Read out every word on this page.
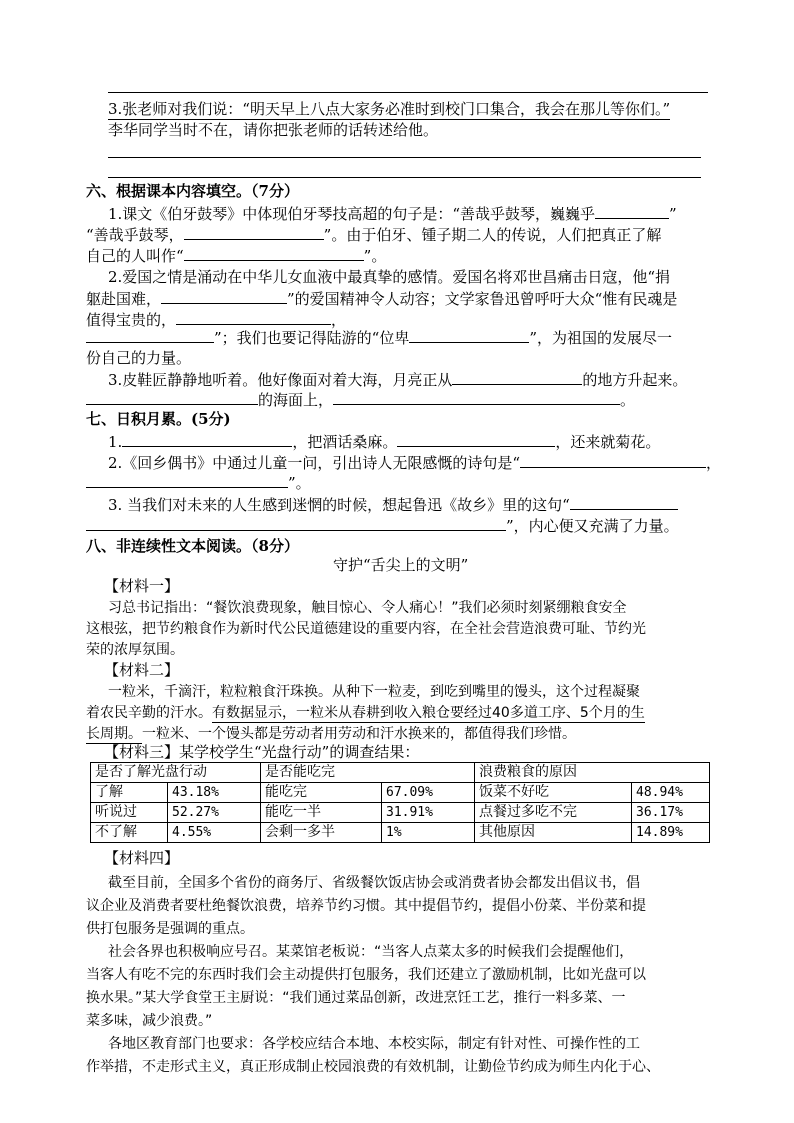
3.张老师对我们说：“明天早上八点大家务必准时到校门口集合，我会在那儿等你们。”
李华同学当时不在，请你把张老师的话转述给他。
六、根据课本内容填空。（7分）
1.课文《伯牙鼓琴》中体现伯牙琴技高超的句子是：“善哉乎鼓琴，巍巍乎	”
“善哉乎鼓琴，	”。由于伯牙、锺子期二人的传说，人们把真正了解
自己的人叫作“	”。
2.爱国之情是涌动在中华儿女血液中最真挚的感情。爱国名将邓世昌痛击日寇，他“捐
躯赴国难，	”的爱国精神令人动容；文学家鲁迅曾呼吁大众“惟有民魂是
值得宝贵的，	，
”；我们也要记得陆游的“位卑	”，为祖国的发展尽一
份自己的力量。
3.皮鞋匠静静地听着。他好像面对着大海，月亮正从	的地方升起来。
的海面上，	。
七、日积月累。(5分)
1.	，把酒话桑麻。	，还来就菊花。
2.《回乡偶书》中通过儿童一问，引出诗人无限感慨的诗句是“	，
”。
3. 当我们对未来的人生感到迷惘的时候，想起鲁迅《故乡》里的这句“
”，内心便又充满了力量。
八、非连续性文本阅读。（8分）
守护“舌尖上的文明”
【材料一】
习总书记指出：“餐饮浪费现象，触目惊心、令人痛心！”我们必须时刻紧绷粮食安全
这根弦，把节约粮食作为新时代公民道德建设的重要内容，在全社会营造浪费可耻、节约光
荣的浓厚氛围。
【材料二】
一粒米，千滴汗，粒粒粮食汗珠换。从种下一粒麦，到吃到嘴里的馒头，这个过程凝聚
着农民辛勤的汗水。有数据显示，一粒米从春耕到收入粮仓要经过40多道工序、5个月的生
长周期。一粒米、一个馒头都是劳动者用劳动和汗水换来的，都值得我们珍惜。
【材料三】某学校学生“光盘行动”的调查结果：
是否了解光盘行动		是否能吃完		浪费粮食的原因	
了解	43.18%	能吃完	67.09%	饭菜不好吃	48.94%
听说过	52.27%	能吃一半	31.91%	点餐过多吃不完	36.17%
不了解	4.55%	会剩一多半	1%	其他原因	14.89%
【材料四】
截至目前，全国多个省份的商务厅、省级餐饮饭店协会或消费者协会都发出倡议书，倡
议企业及消费者要杜绝餐饮浪费，培养节约习惯。其中提倡节约，提倡小份菜、半份菜和提
供打包服务是强调的重点。
社会各界也积极响应号召。某菜馆老板说：“当客人点菜太多的时候我们会提醒他们，
当客人有吃不完的东西时我们会主动提供打包服务，我们还建立了激励机制，比如光盘可以
换水果。”某大学食堂王主厨说：“我们通过菜品创新，改进烹饪工艺，推行一料多菜、一
菜多味，减少浪费。”
各地区教育部门也要求：各学校应结合本地、本校实际，制定有针对性、可操作性的工
作举措，不走形式主义，真正形成制止校园浪费的有效机制，让勤俭节约成为师生内化于心、
